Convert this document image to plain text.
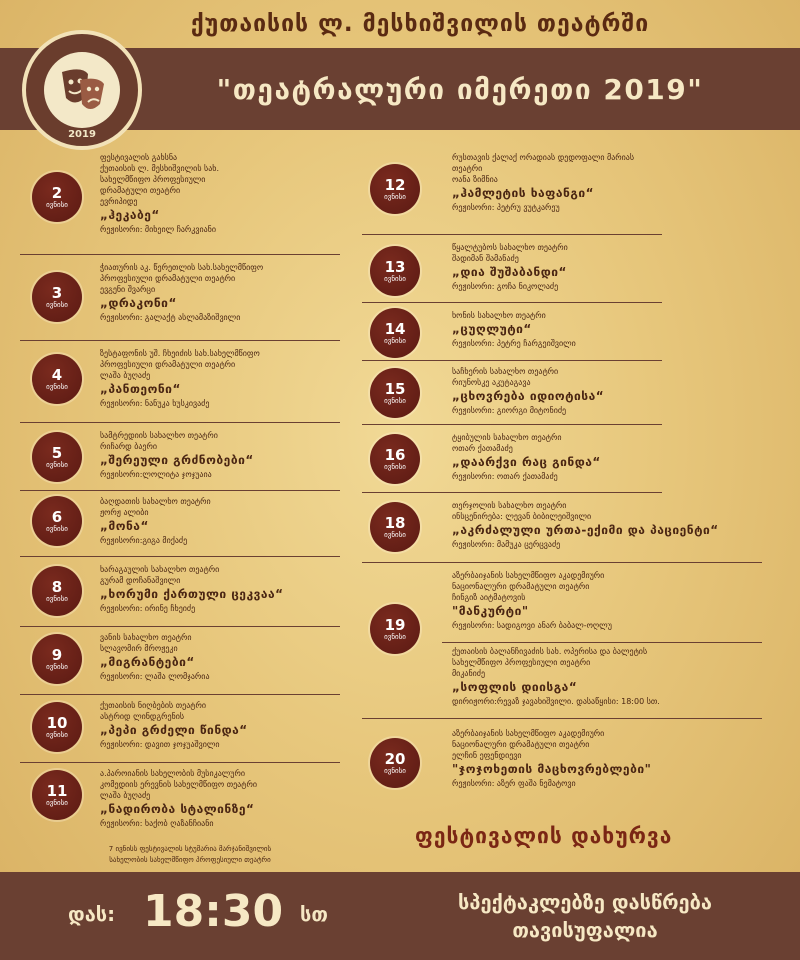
ქუთაისის ლ. მესხიშვილის თეატრში
"თეატრალური იმერეთი 2019"
2019
2
ივნისი
ფესტივალის გახსნა
ქუთაისის ლ. მესხიშვილის სახ.
სახელმწიფო პროფესიული
დრამატული თეატრი
ევრიპიდე
„ჰეკაბე“
რეჟისორი: მიხეილ ჩარკვიანი
3
ივნისი
ჭიათურის აკ. წერეთლის სახ.სახელმწიფო
პროფესიული დრამატული თეატრი
ევგენი შვარცი
„დრაკონი“
რეჟისორი: გალაქტ ასლამაზიშვილი
4
ივნისი
ზესტაფონის უშ. ჩხეიძის სახ.სახელმწიფო
პროფესიული დრამატული თეატრი
ლაშა ბუღაძე
„პანთეონი“
რეჟისორი: ნანუკა ხუსკივაძე
5
ივნისი
სამტრედიის სახალხო თეატრი
რიჩარდ ბაერი
„შერეული გრძნობები“
რეჟისორი:ლოლიტა ჯოჯუაია
6
ივნისი
ბაღდათის სახალხო თეატრი
ჟორჟ ალიბი
„მონა“
რეჟისორი:გიგა მიქაძე
8
ივნისი
ხარაგაულის სახალხო თეატრი
გურამ დოჩანაშვილი
„ხორუმი ქართული ცეკვაა“
რეჟისორი: ირინე ჩხეიძე
9
ივნისი
ვანის სახალხო თეატრი
სლავომირ მროჟეკი
„მიგრანტები“
რეჟისორი: ლაშა ლომჯარია
10
ივნისი
ქუთაისის ნიღბების თეატრი
ასტრიდ ლინდგრენის
„პეპი გრძელი წინდა“
რეჟისორი: დავით ჯოჯუაშვილი
11
ივნისი
ა.პაროიანის სახელობის მუსიკალური
კომედიის ერევნის სახელმწიფო თეატრი
ლაშა ბუღაძე
„ნადირობა სტალინზე“
რეჟისორი: ხაქობ ღაზანჩიანი
7 ივნისს ფესტივალის სტუმარია მარჯანიშვილის
სახელობის სახელმწიფო პროფესიული თეატრი
12
ივნისი
რუსთავის ქალაქ ორადიას დედოფალი მარიას
თეატრი
ოანა ზიმნია
„ჰამლეტის ხაფანგი“
რეჟისორი: პეტრუ ვუტკარეუ
13
ივნისი
წყალტუბოს სახალხო თეატრი
შადიმან შამანაძე
„დია შუშაბანდი“
რეჟისორი: გოჩა ნიკოლაძე
14
ივნისი
ხონის სახალხო თეატრი
„ცუღლუტი“
რეჟისორი: პეტრე ჩარგეიშვილი
15
ივნისი
საჩხერის სახალხო თეატრი
რიუნოსკე აკუტაგავა
„ცხოვრება იდიოტისა“
რეჟისორი: გიორგი მიტონიძე
16
ივნისი
ტყიბულის სახალხო თეატრი
ოთარ ქათამაძე
„დაარქვი რაც გინდა“
რეჟისორი: ოთარ ქათამაძე
18
ივნისი
თერჯოლის სახალხო თეატრი
ინსცენირება: ლევან ბიბილეიშვილი
„აკრძალული ურთა-ექიმი და პაციენტი“
რეჟისორი: მამუკა ცერცვაძე
19
ივნისი
აზერბაიჯანის სახელმწიფო აკადემიური
ნაციონალური დრამატული თეატრი
ჩინგიზ აიტმატოვის
"მანკურტი"
რეჟისორი: სადიგოვი ანარ ბაბალ-ოღლუ
ქუთაისის ბალანჩივაძის სახ. ოპერისა და ბალეტის
სახელმწიფო პროფესიული თეატრი
მიკანიძე
„სოფლის დიისგა“
დირიჟორი:რევაზ ჯავახიშვილი. დასაწყისი: 18:00 სთ.
20
ივნისი
აზერბაიჯანის სახელმწიფო აკადემიური
ნაციონალური დრამატული თეატრი
ელჩინ ეფენდიევი
"ჯოჯოხეთის მაცხოვრებლები"
რეჟისორი: აზერ ფაშა ნემატოვი
ფესტივალის დახურვა
დას: 18:30 სთ	სპექტაკლებზე დასწრება
თავისუფალია
